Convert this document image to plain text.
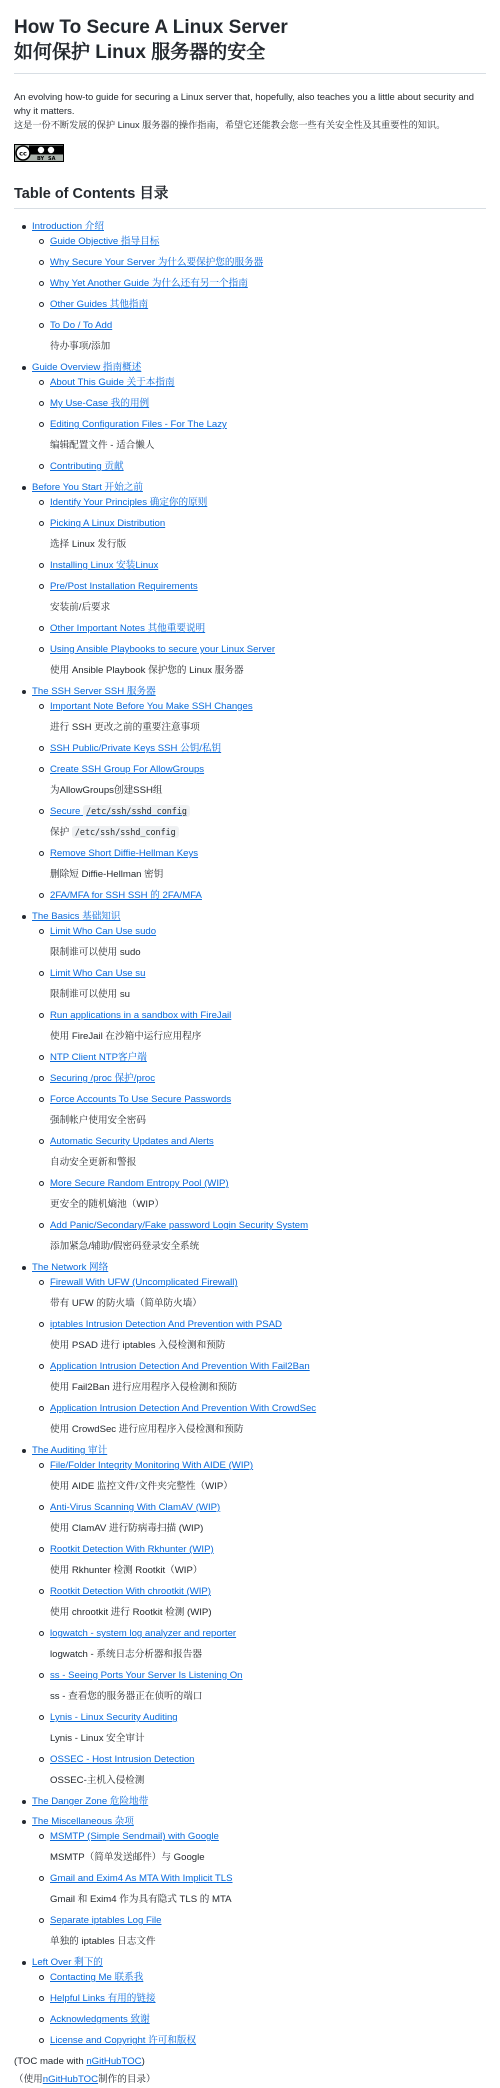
How To Secure A Linux Server
如何保护 Linux 服务器的安全
An evolving how-to guide for securing a Linux server that, hopefully, also teaches you a little about security and why it matters.
这是一份不断发展的保护 Linux 服务器的操作指南，希望它还能教会您一些有关安全性及其重要性的知识。
cc
BY SA
Table of Contents 目录
Introduction 介绍
Guide Objective 指导目标
Why Secure Your Server 为什么要保护您的服务器
Why Yet Another Guide 为什么还有另一个指南
Other Guides 其他指南
To Do / To Add
待办事项/添加
Guide Overview 指南概述
About This Guide 关于本指南
My Use-Case 我的用例
Editing Configuration Files - For The Lazy
编辑配置文件 - 适合懒人
Contributing 贡献
Before You Start 开始之前
Identify Your Principles 确定你的原则
Picking A Linux Distribution
选择 Linux 发行版
Installing Linux 安装Linux
Pre/Post Installation Requirements
安装前/后要求
Other Important Notes 其他重要说明
Using Ansible Playbooks to secure your Linux Server
使用 Ansible Playbook 保护您的 Linux 服务器
The SSH Server SSH 服务器
Important Note Before You Make SSH Changes
进行 SSH 更改之前的重要注意事项
SSH Public/Private Keys SSH 公钥/私钥
Create SSH Group For AllowGroups
为AllowGroups创建SSH组
Secure /etc/ssh/sshd_config
保护 /etc/ssh/sshd_config
Remove Short Diffie-Hellman Keys
删除短 Diffie-Hellman 密钥
2FA/MFA for SSH SSH 的 2FA/MFA
The Basics 基础知识
Limit Who Can Use sudo
限制谁可以使用 sudo
Limit Who Can Use su
限制谁可以使用 su
Run applications in a sandbox with FireJail
使用 FireJail 在沙箱中运行应用程序
NTP Client NTP客户端
Securing /proc 保护/proc
Force Accounts To Use Secure Passwords
强制帐户使用安全密码
Automatic Security Updates and Alerts
自动安全更新和警报
More Secure Random Entropy Pool (WIP)
更安全的随机熵池（WIP）
Add Panic/Secondary/Fake password Login Security System
添加紧急/辅助/假密码登录安全系统
The Network 网络
Firewall With UFW (Uncomplicated Firewall)
带有 UFW 的防火墙（简单防火墙）
iptables Intrusion Detection And Prevention with PSAD
使用 PSAD 进行 iptables 入侵检测和预防
Application Intrusion Detection And Prevention With Fail2Ban
使用 Fail2Ban 进行应用程序入侵检测和预防
Application Intrusion Detection And Prevention With CrowdSec
使用 CrowdSec 进行应用程序入侵检测和预防
The Auditing 审计
File/Folder Integrity Monitoring With AIDE (WIP)
使用 AIDE 监控文件/文件夹完整性（WIP）
Anti-Virus Scanning With ClamAV (WIP)
使用 ClamAV 进行防病毒扫描 (WIP)
Rootkit Detection With Rkhunter (WIP)
使用 Rkhunter 检测 Rootkit（WIP）
Rootkit Detection With chrootkit (WIP)
使用 chrootkit 进行 Rootkit 检测 (WIP)
logwatch - system log analyzer and reporter
logwatch - 系统日志分析器和报告器
ss - Seeing Ports Your Server Is Listening On
ss - 查看您的服务器正在侦听的端口
Lynis - Linux Security Auditing
Lynis - Linux 安全审计
OSSEC - Host Intrusion Detection
OSSEC-主机入侵检测
The Danger Zone 危险地带
The Miscellaneous 杂项
MSMTP (Simple Sendmail) with Google
MSMTP（简单发送邮件）与 Google
Gmail and Exim4 As MTA With Implicit TLS
Gmail 和 Exim4 作为具有隐式 TLS 的 MTA
Separate iptables Log File
单独的 iptables 日志文件
Left Over 剩下的
Contacting Me 联系我
Helpful Links 有用的链接
Acknowledgments 致谢
License and Copyright 许可和版权
(TOC made with nGitHubTOC)
（使用nGitHubTOC制作的目录）
